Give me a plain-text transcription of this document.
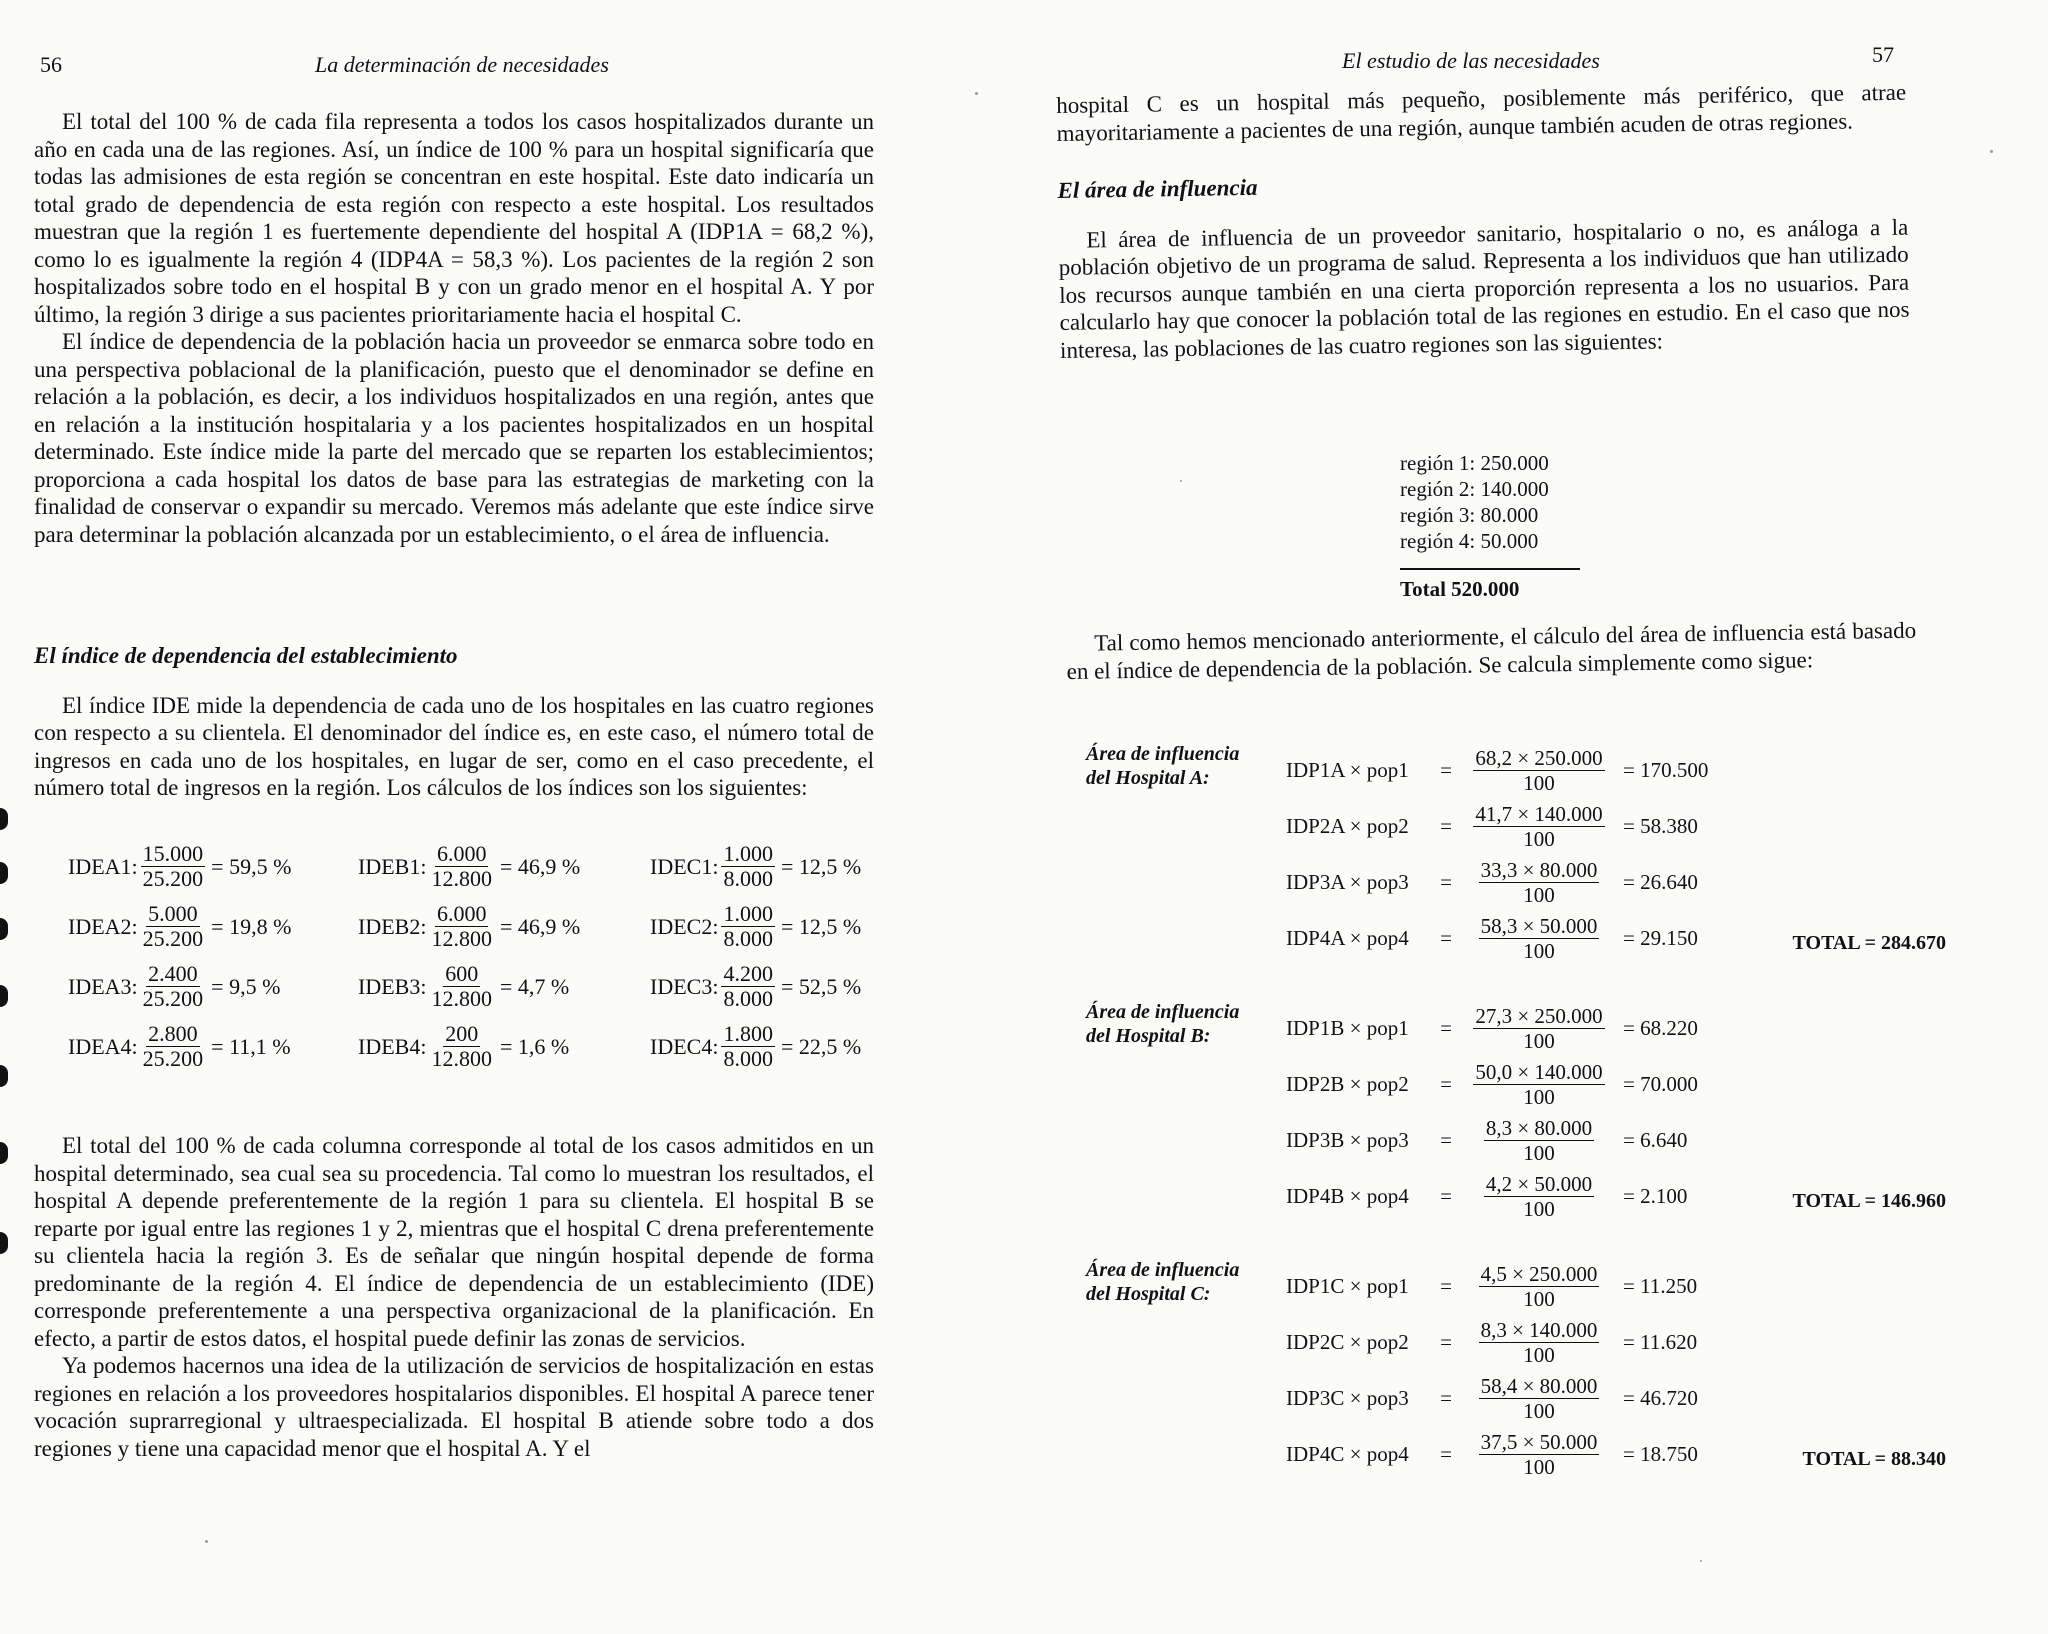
56	La determinación de necesidades

El total del 100 % de cada fila representa a todos los casos hospitalizados durante un año en cada una de las regiones. Así, un índice de 100 % para un hospital significaría que todas las admisiones de esta región se concentran en este hospital. Este dato indicaría un total grado de dependencia de esta región con respecto a este hospital. Los resultados muestran que la región 1 es fuertemente dependiente del hospital A (IDP1A = 68,2 %), como lo es igualmente la región 4 (IDP4A = 58,3 %). Los pacientes de la región 2 son hospitalizados sobre todo en el hospital B y con un grado menor en el hospital A. Y por último, la región 3 dirige a sus pacientes prioritariamente hacia el hospital C.

El índice de dependencia de la población hacia un proveedor se enmarca sobre todo en una perspectiva poblacional de la planificación, puesto que el denominador se define en relación a la población, es decir, a los individuos hospitalizados en una región, antes que en relación a la institución hospitalaria y a los pacientes hospitalizados en un hospital determinado. Este índice mide la parte del mercado que se reparten los establecimientos; proporciona a cada hospital los datos de base para las estrategias de marketing con la finalidad de conservar o expandir su mercado. Veremos más adelante que este índice sirve para determinar la población alcanzada por un establecimiento, o el área de influencia.

El índice de dependencia del establecimiento

El índice IDE mide la dependencia de cada uno de los hospitales en las cuatro regiones con respecto a su clientela. El denominador del índice es, en este caso, el número total de ingresos en cada uno de los hospitales, en lugar de ser, como en el caso precedente, el número total de ingresos en la región. Los cálculos de los índices son los siguientes:

IDEA1: $\frac{15.000}{25.200} = 59,5$ %	IDEB1: $\frac{6.000}{12.800} = 46,9$ %	IDEC1: $\frac{1.000}{8.000} = 12,5$ %
IDEA2: $\frac{5.000}{25.200} = 19,8$ %	IDEB2: $\frac{6.000}{12.800} = 46,9$ %	IDEC2: $\frac{1.000}{8.000} = 12,5$ %
IDEA3: $\frac{2.400}{25.200} = 9,5$ %	IDEB3: $\frac{600}{12.800} = 4,7$ %	IDEC3: $\frac{4.200}{8.000} = 52,5$ %
IDEA4: $\frac{2.800}{25.200} = 11,1$ %	IDEB4: $\frac{200}{12.800} = 1,6$ %	IDEC4: $\frac{1.800}{8.000} = 22,5$ %

El total del 100 % de cada columna corresponde al total de los casos admitidos en un hospital determinado, sea cual sea su procedencia. Tal como lo muestran los resultados, el hospital A depende preferentemente de la región 1 para su clientela. El hospital B se reparte por igual entre las regiones 1 y 2, mientras que el hospital C drena preferentemente su clientela hacia la región 3. Es de señalar que ningún hospital depende de forma predominante de la región 4. El índice de dependencia de un establecimiento (IDE) corresponde preferentemente a una perspectiva organizacional de la planificación. En efecto, a partir de estos datos, el hospital puede definir las zonas de servicios.

Ya podemos hacernos una idea de la utilización de servicios de hospitalización en estas regiones en relación a los proveedores hospitalarios disponibles. El hospital A parece tener vocación suprarregional y ultraespecializada. El hospital B atiende sobre todo a dos regiones y tiene una capacidad menor que el hospital A. Y el

El estudio de las necesidades	57

hospital C es un hospital más pequeño, posiblemente más periférico, que atrae mayoritariamente a pacientes de una región, aunque también acuden de otras regiones.

El área de influencia

El área de influencia de un proveedor sanitario, hospitalario o no, es análoga a la población objetivo de un programa de salud. Representa a los individuos que han utilizado los recursos aunque también en una cierta proporción representa a los no usuarios. Para calcularlo hay que conocer la población total de las regiones en estudio. En el caso que nos interesa, las poblaciones de las cuatro regiones son las siguientes:

región 1: 250.000
región 2: 140.000
región 3: 80.000
región 4: 50.000
Total 520.000

Tal como hemos mencionado anteriormente, el cálculo del área de influencia está basado en el índice de dependencia de la población. Se calcula simplemente como sigue:

Área de influencia del Hospital A:	IDP1A × pop1	= $\frac{68,2 \times 250.000}{100} = 170.500$
IDP2A × pop2	= $\frac{41,7 \times 140.000}{100} = 58.380$
IDP3A × pop3	= $\frac{33,3 \times 80.000}{100} = 26.640$
IDP4A × pop4	= $\frac{58,3 \times 50.000}{100} = 29.150$	TOTAL = 284.670
Área de influencia del Hospital B:	IDP1B × pop1	= $\frac{27,3 \times 250.000}{100} = 68.220$
IDP2B × pop2	= $\frac{50,0 \times 140.000}{100} = 70.000$
IDP3B × pop3	= $\frac{8,3 \times 80.000}{100} = 6.640$
IDP4B × pop4	= $\frac{4,2 \times 50.000}{100} = 2.100$	TOTAL = 146.960
Área de influencia del Hospital C:	IDP1C × pop1	= $\frac{4,5 \times 250.000}{100} = 11.250$
IDP2C × pop2	= $\frac{8,3 \times 140.000}{100} = 11.620$
IDP3C × pop3	= $\frac{58,4 \times 80.000}{100} = 46.720$
IDP4C × pop4	= $\frac{37,5 \times 50.000}{100} = 18.750$	TOTAL = 88.340
